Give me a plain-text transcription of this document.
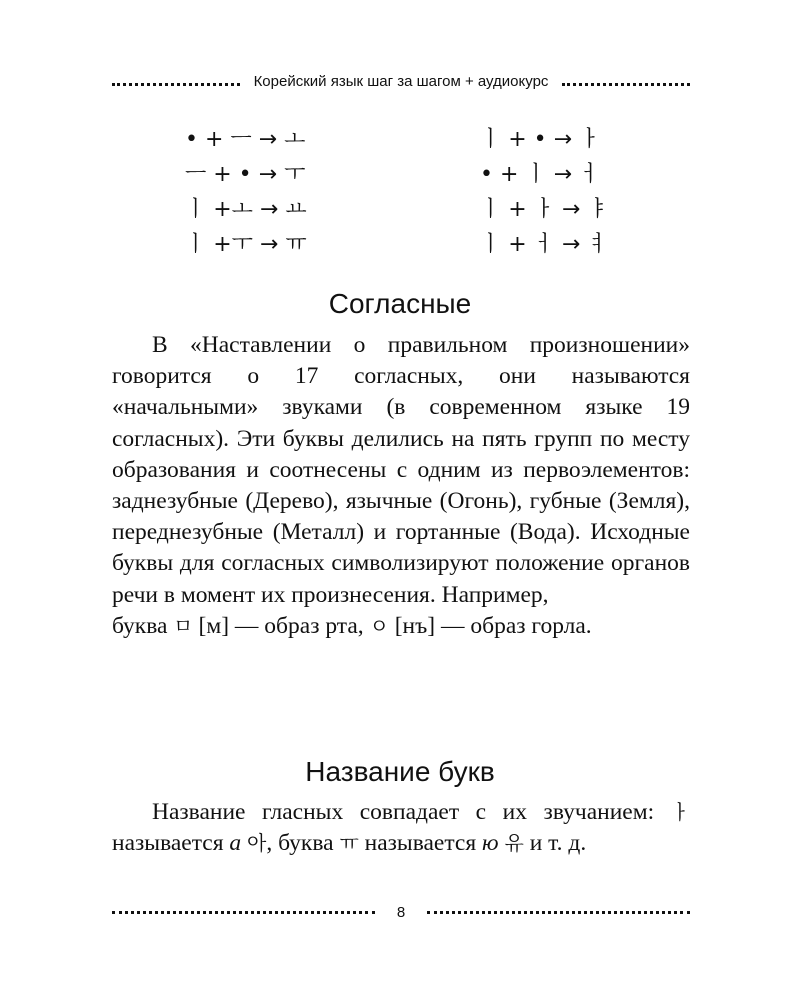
Корейский язык шаг за шагом + аудиокурс
• + ㅡ → ㅗ
ㅡ + • → ㅜ
ㅣ +ㅗ → ㅛ
ㅣ +ㅜ → ㅠ
ㅣ + • → ㅏ
• + ㅣ → ㅓ
ㅣ + ㅏ → ㅑ
ㅣ + ㅓ → ㅕ
Согласные

В «Наставлении о правильном произношении» говорится о 17 согласных, они называются «начальными» звуками (в современном языке 19 согласных). Эти буквы делились на пять групп по месту образования и соотнесены с одним из первоэлементов: заднезубные (Дерево), язычные (Огонь), губные (Земля), переднезубные (Металл) и гортанные (Вода). Исходные буквы для согласных символизируют положение органов речи в момент их произнесения. Например,

буква ㅁ [м] — образ рта, ㅇ [нъ] — образ горла.

Название букв

Название гласных совпадает с их звучанием: ㅏ называется а 아, буква ㅠ называется ю 유 и т. д.

8
